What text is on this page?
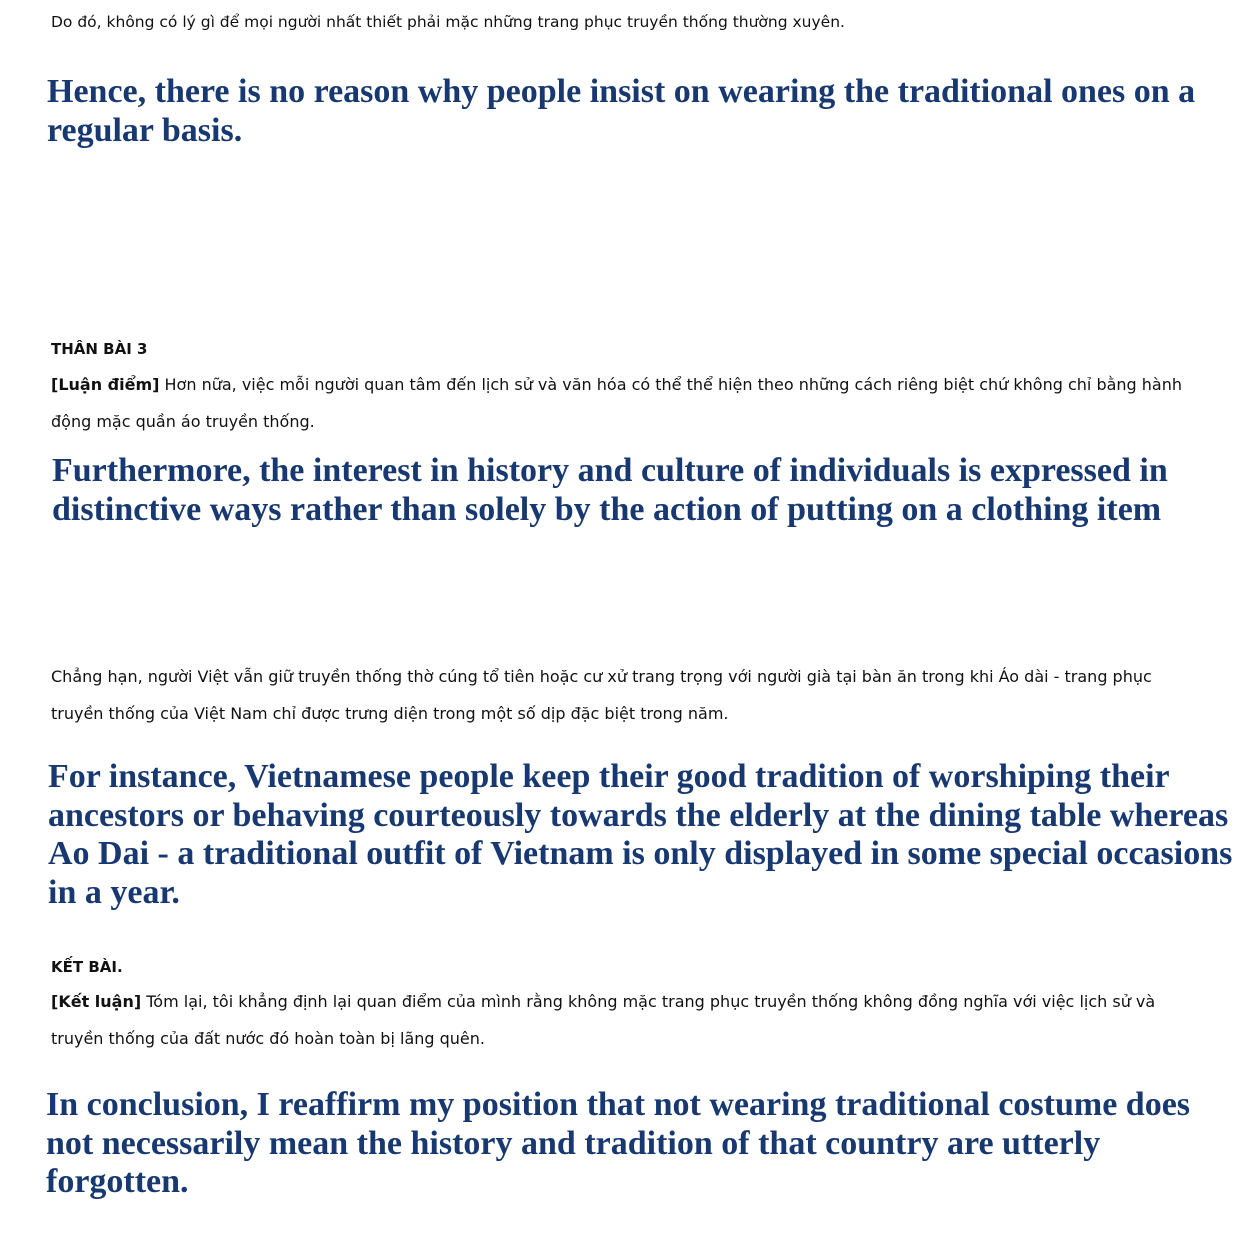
Do đó, không có lý gì để mọi người nhất thiết phải mặc những trang phục truyền thống thường xuyên.

Hence, there is no reason why people insist on wearing the traditional ones on a regular basis.

THÂN BÀI 3

[Luận điểm] Hơn nữa, việc mỗi người quan tâm đến lịch sử và văn hóa có thể thể hiện theo những cách riêng biệt chứ không chỉ bằng hành động mặc quần áo truyền thống.

Furthermore, the interest in history and culture of individuals is expressed in distinctive ways rather than solely by the action of putting on a clothing item

Chẳng hạn, người Việt vẫn giữ truyền thống thờ cúng tổ tiên hoặc cư xử trang trọng với người già tại bàn ăn trong khi Áo dài - trang phục truyền thống của Việt Nam chỉ được trưng diện trong một số dịp đặc biệt trong năm.

For instance, Vietnamese people keep their good tradition of worshiping their ancestors or behaving courteously towards the elderly at the dining table whereas Ao Dai - a traditional outfit of Vietnam is only displayed in some special occasions in a year.

KẾT BÀI.

[Kết luận] Tóm lại, tôi khẳng định lại quan điểm của mình rằng không mặc trang phục truyền thống không đồng nghĩa với việc lịch sử và truyền thống của đất nước đó hoàn toàn bị lãng quên.

In conclusion, I reaffirm my position that not wearing traditional costume does not necessarily mean the history and tradition of that country are utterly forgotten.
